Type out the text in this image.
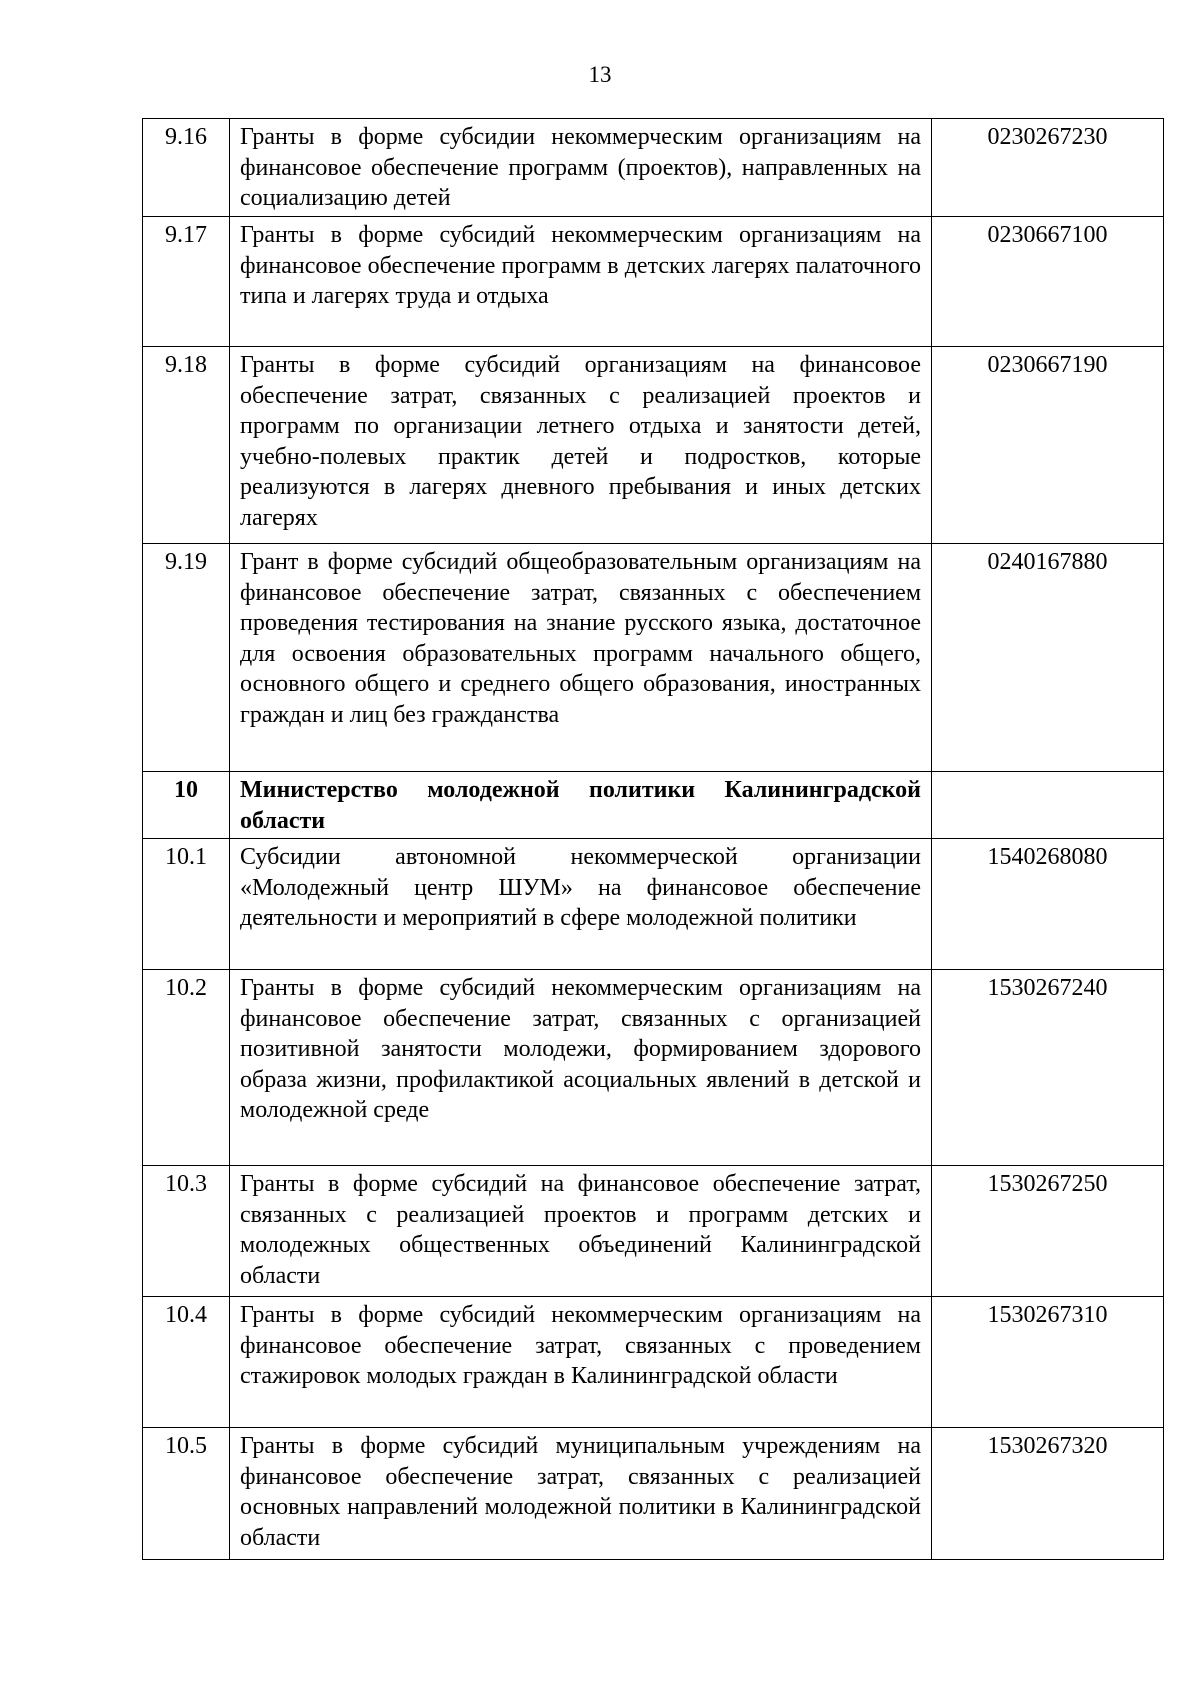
13
9.16	Гранты в форме субсидии некоммерческим организациям на финансовое обеспечение программ (проектов), направленных на социализацию детей	0230267230
9.17	Гранты в форме субсидий некоммерческим организациям на финансовое обеспечение программ в детских лагерях палаточного типа и лагерях труда и отдыха	0230667100
9.18	Гранты в форме субсидий организациям на финансовое обеспечение затрат, связанных с реализацией проектов и программ по организации летнего отдыха и занятости детей, учебно-полевых практик детей и подростков, которые реализуются в лагерях дневного пребывания и иных детских лагерях	0230667190
9.19	Грант в форме субсидий общеобразовательным организациям на финансовое обеспечение затрат, связанных с обеспечением проведения тестирования на знание русского языка, достаточное для освоения образовательных программ начального общего, основного общего и среднего общего образования, иностранных граждан и лиц без гражданства	0240167880
10	Министерство молодежной политики Калининградской области	
10.1	Субсидии автономной некоммерческой организации «Молодежный центр ШУМ» на финансовое обеспечение деятельности и мероприятий в сфере молодежной политики	1540268080
10.2	Гранты в форме субсидий некоммерческим организациям на финансовое обеспечение затрат, связанных с организацией позитивной занятости молодежи, формированием здорового образа жизни, профилактикой асоциальных явлений в детской и молодежной среде	1530267240
10.3	Гранты в форме субсидий на финансовое обеспечение затрат, связанных с реализацией проектов и программ детских и молодежных общественных объединений Калининградской области	1530267250
10.4	Гранты в форме субсидий некоммерческим организациям на финансовое обеспечение затрат, связанных с проведением стажировок молодых граждан в Калининградской области	1530267310
10.5	Гранты в форме субсидий муниципальным учреждениям на финансовое обеспечение затрат, связанных с реализацией основных направлений молодежной политики в Калининградской области	1530267320
